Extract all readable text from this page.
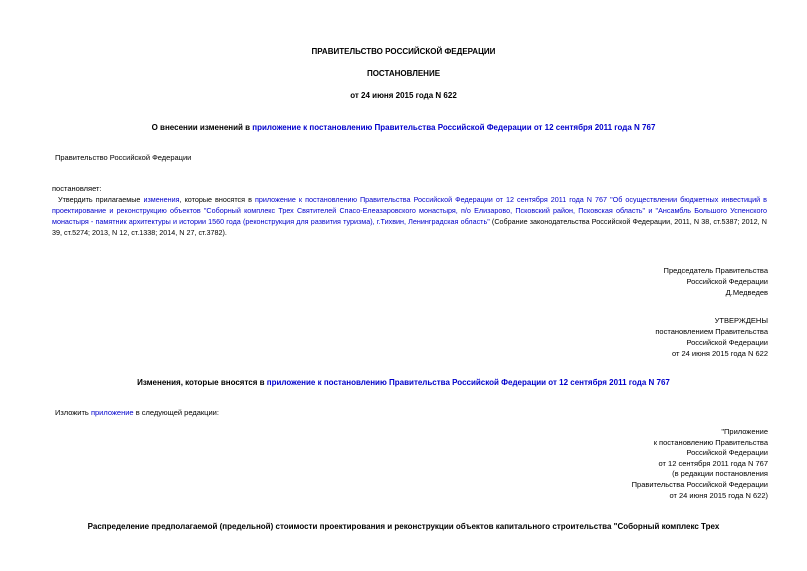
ПРАВИТЕЛЬСТВО РОССИЙСКОЙ ФЕДЕРАЦИИ
ПОСТАНОВЛЕНИЕ
от 24 июня 2015 года N 622
О внесении изменений в приложение к постановлению Правительства Российской Федерации от 12 сентября 2011 года N 767
Правительство Российской Федерации
постановляет:
Утвердить прилагаемые изменения, которые вносятся в приложение к постановлению Правительства Российской Федерации от 12 сентября 2011 года N 767 "Об осуществлении бюджетных инвестиций в проектирование и реконструкцию объектов "Соборный комплекс Трех Святителей Спасо-Елеазаровского монастыря, п/о Елизарово, Псковский район, Псковская область" и "Ансамбль Большого Успенского монастыря - памятник архитектуры и истории 1560 года (реконструкция для развития туризма), г.Тихвин, Ленинградская область" (Собрание законодательства Российской Федерации, 2011, N 38, ст.5387; 2012, N 39, ст.5274; 2013, N 12, ст.1338; 2014, N 27, ст.3782).
Председатель Правительства
Российской Федерации
Д.Медведев
УТВЕРЖДЕНЫ
постановлением Правительства
Российской Федерации
от 24 июня 2015 года N 622
Изменения, которые вносятся в приложение к постановлению Правительства Российской Федерации от 12 сентября 2011 года N 767
Изложить приложение в следующей редакции:
"Приложение
к постановлению Правительства
Российской Федерации
от 12 сентября 2011 года N 767
(в редакции постановления
Правительства Российской Федерации
от 24 июня 2015 года N 622)
Распределение предполагаемой (предельной) стоимости проектирования и реконструкции объектов капитального строительства "Соборный комплекс Трех
